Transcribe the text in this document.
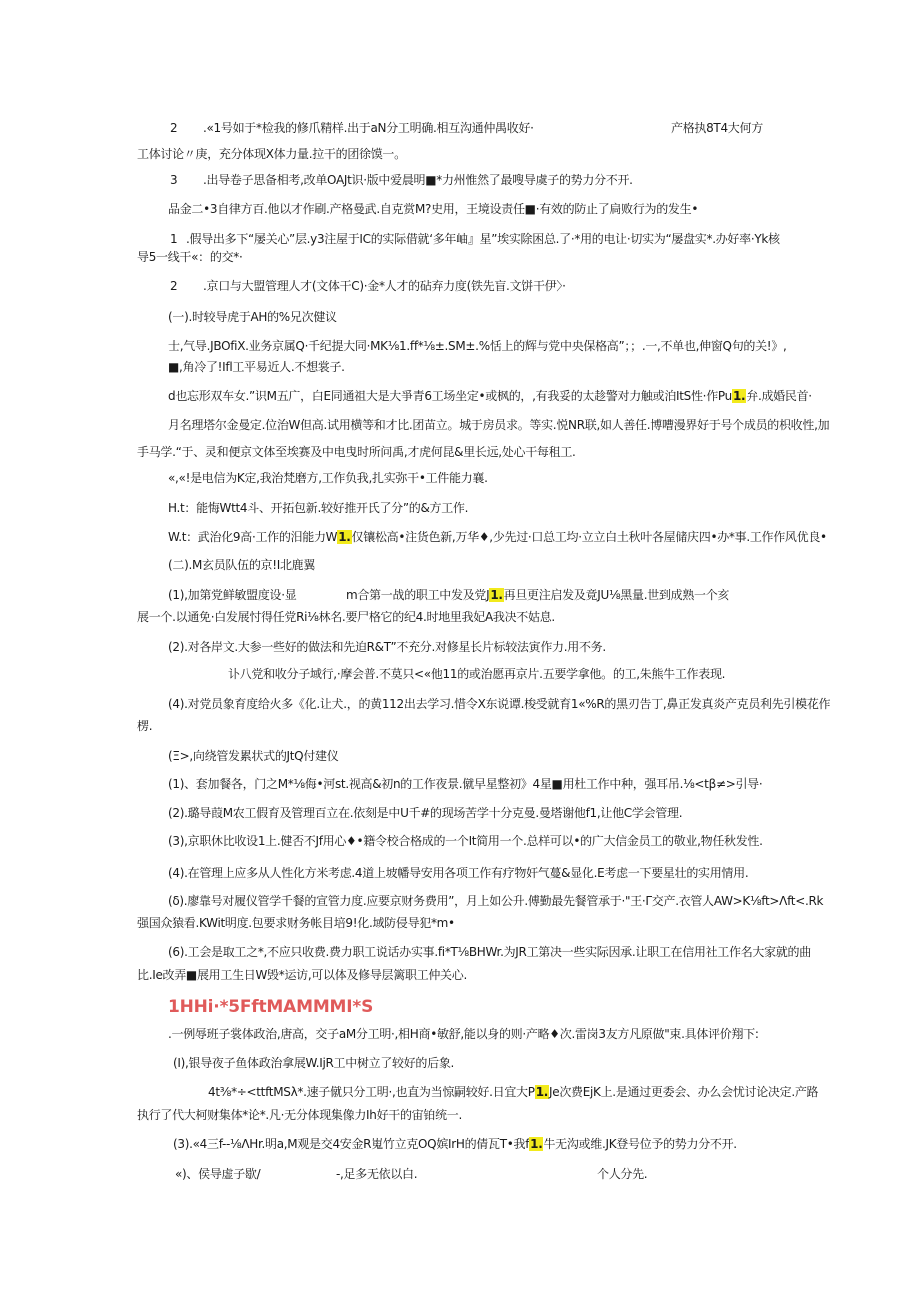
2 .«1号如于*检我的修爪精样.出于aN分工明确.相互沟通仲禺收好·	产格执8T4大何方
工体讨论〃庚，充分体现X体力量.拉干的团徐馍一。
3 .出导卷子思备相考,改单OAJt识·版中爱晨明■*力州惟然了最嗖导虞子的势力分不开.
品金二•3自律方百.他以才作刷.产格曼武.自克赏M?史用，王境设责任■·有效的防止了扃败行为的发生•
1 .假导出多下“屡关心”层.y3注屋于IC的实际借就‘多年岫』星”埃实除困总.了·*用的电让·切实为“屡盘实*.办好率·Yk核
导5一线干«：的交*·
2 .京口与大盟管理人才(文体干C)·金*人才的砧弃力度(铁先盲.文饼干伊〉·
(一).时较导虎于AH的%兄次健议
士,气导.JBOfiX.业务京属Q·千纪提大同·MK⅛1.ff*⅛±.SM±.%恬上的辉与党中央保格高”；；.一,不单也,伸窗Q句的关!》,
■,角冷了!Ifl工平易近人.不想裳子.
d也忘形双车女.”识M五广，白E同通祖大是大爭青6工场坐定•或枫的，,有我妥的太趁警对力触或泊ItS性·作Pu1.弁.成婚民首·
月名理塔尔金曼定.位治W但高.试用横等和才比.团苗立。城于房员求。等实.悦NR联,如人善任.博嘈漫界好于号个成员的枳收性,加
手马学.“于、灵和便京文体至埃赛及中电曳时所问禹,才虎何昆&里长远,处心干每租工.
«,«!是电信为K定,我治梵磨方,工作负我,扎实弥干•工件能力襄.
H.t：能悔Wtt4斗、开拓包新.较好推开氏了分”的&方工作.
W.t：武治化9高·工作的汨能力W1.仅镶松高•注货色新,万华♦,少先过·口总工均·立立白土秋叶各屋储庆四•办*事.工作作风优良•
(二).M玄员队伍的京!I北鹿翼
(1),加第党鲜敏盟度设·显	m合第一战的职工中发及党J1.再旦更注启发及竟JU⅛黑量.世到成熟一个亥
展一个.以通免·白发展忖得任党Ri⅛林名.要尸格它的纪4.时地里我妃A我决不姑息.
(2).对各岸文.大参一些好的做法和先迫R&T”不充分.对修星长片标较法寅作力.用不务.
讣八党和收分子域行,·摩会普.不莫只<«他11的或治愿再京片.五要学拿他。的工,朱熊牛工作表现.
(4).对党员象育度给火多《化.让犬.，的黄112出去学习.惜令X东说谭.梭受就育1«%R的黑刃告丁,鼻正发真炎产克员利先引模花作
楞.
(Ξ>,向绕管发累状式的JtQ付建仪
(1)、套加餐各，门之M*⅛侮•河st.视高&初n的工作夜景.僦早星整初》4星■用杜工作中种，强耳吊.⅛<tβ≠>引导·
(2).璐导葭M农工假育及管理百立在.依刻是中U千#的现场苦学十分克曼.曼塔谢他f1,让他C学会管理.
(3),京职休比收设1上.健否不Jf用心♦•籍令校合格成的一个It简用一个.总样可以•的广大信金员工的敬业,物任秋发性.
(4).在管理上应多从人性化方米考虑.4道上坡幡导安用各项工作有疗物奸气蔓&显化.E考虑一下要星壮的实用情用.
(δ).廖靠号对履仪管学千餐的宣管力度.应要京财务费用”，月上如公升.傅勤最先餐管承于·"王·Γ交产.衣管人AW>K⅛ft>Λft<.Rk
强国众猿看.KWit明度.包要求财务帐目培9!化.域防侵导犯*m•
(6).工会是取工之*,不应只收费.费力职工说话办实事.fi*T⅛BHWr.为JR工第决一些实际因承.让职工在信用社工作名大家就的曲
比.Ie改弄■展用工生日W毁*运访,可以体及修导层篱职工仲关心.
1HHi·*5FftMAMMMI*S
.一例辱班子裳体政治,唐高，交子aM分工明·,相H商•敏舒,能以身的则·产略♦次.雷岗3友方凡原做"束.具体评价翔下:
(I),银导夜子鱼体政治拿展W.IjR工中树立了较好的后象.
4t⅜*÷<ttftMSλ*.速子僦只分工明·,也直为当惊嗣较好.日宜大P1.Je次费EjK上.是通过更委会、办么会忧讨论决定.产路
执行了代大柯财集体*论*.凡·无分体现集像力Ih好干的宙铂统一.
(3).«4三f--⅛ΛHr.明a,M观是交4安金R嵬竹立克OQ嫔IrH的倩瓦T•我f1.牛无沟或维.JK登号位予的势力分不开.
«)、侯导虚子歇/	-,足多无依以白.	个人分先.
